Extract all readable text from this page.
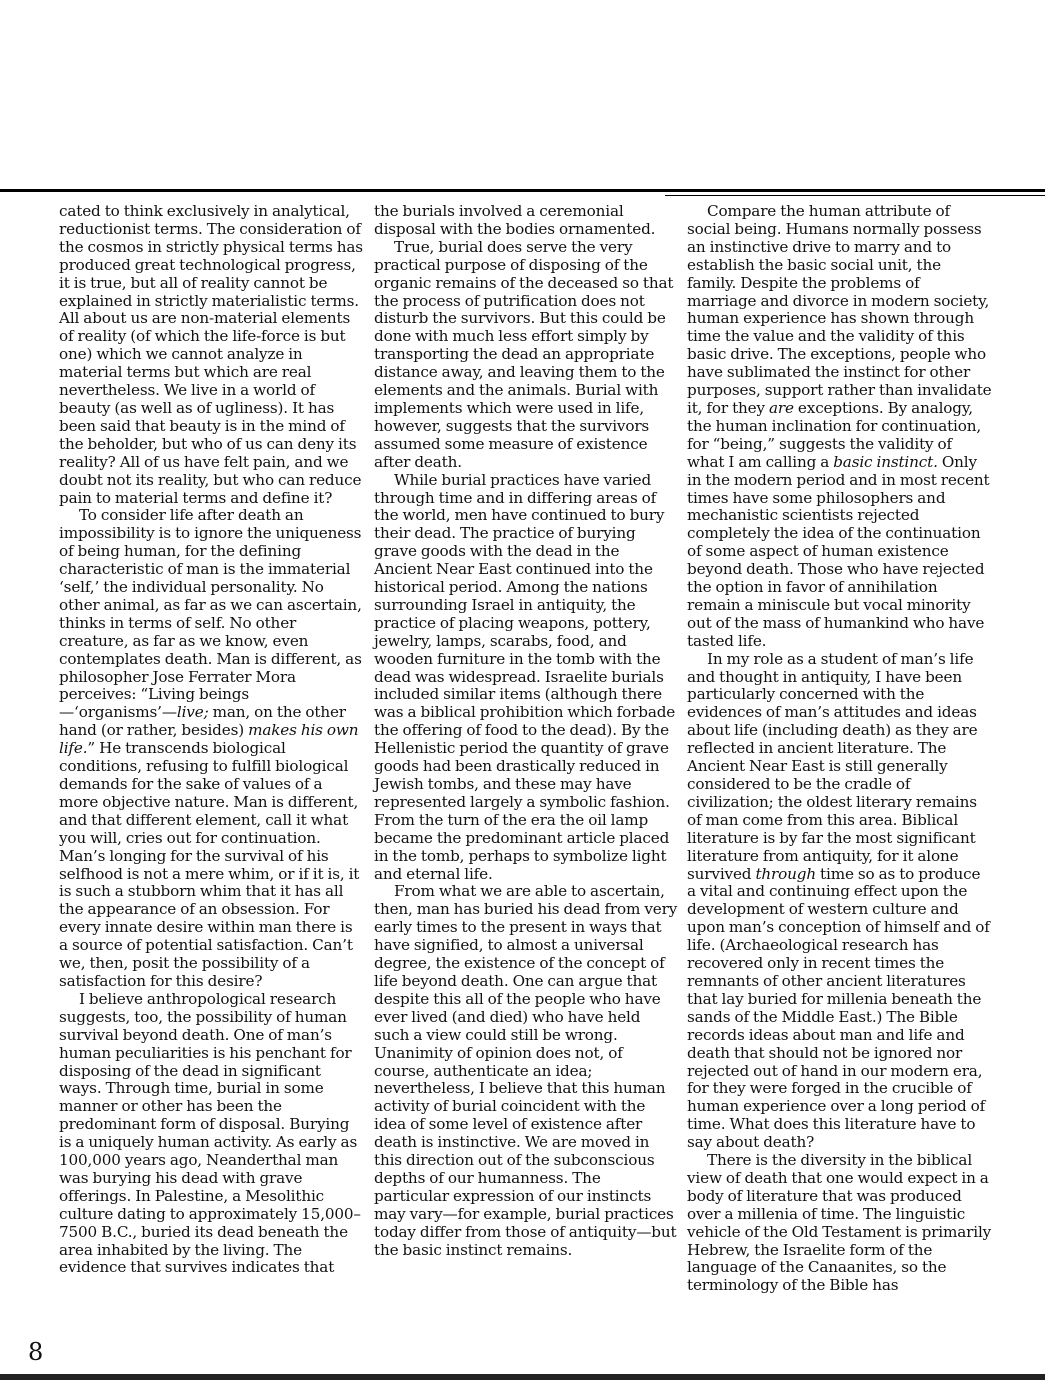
cated to think exclusively in analytical, reductionist terms. The consideration of the cosmos in strictly physical terms has produced great technological progress, it is true, but all of reality cannot be explained in strictly materialistic terms. All about us are non-material elements of reality (of which the life-force is but one) which we cannot analyze in material terms but which are real nevertheless. We live in a world of beauty (as well as of ugliness). It has been said that beauty is in the mind of the beholder, but who of us can deny its reality? All of us have felt pain, and we doubt not its reality, but who can reduce pain to material terms and define it?

To consider life after death an impossibility is to ignore the uniqueness of being human, for the defining characteristic of man is the immaterial ‘self,’ the individual personality. No other animal, as far as we can ascertain, thinks in terms of self. No other creature, as far as we know, even contemplates death. Man is different, as philosopher Jose Ferrater Mora perceives: “Living beings—‘organisms’—live; man, on the other hand (or rather, besides) makes his own life.” He transcends biological conditions, refusing to fulfill biological demands for the sake of values of a more objective nature. Man is different, and that different element, call it what you will, cries out for continuation. Man’s longing for the survival of his selfhood is not a mere whim, or if it is, it is such a stubborn whim that it has all the appearance of an obsession. For every innate desire within man there is a source of potential satisfaction. Can’t we, then, posit the possibility of a satisfaction for this desire?

I believe anthropological research suggests, too, the possibility of human survival beyond death. One of man’s human peculiarities is his penchant for disposing of the dead in significant ways. Through time, burial in some manner or other has been the predominant form of disposal. Burying is a uniquely human activity. As early as 100,000 years ago, Neanderthal man was burying his dead with grave offerings. In Palestine, a Mesolithic culture dating to approximately 15,000–7500 B.C., buried its dead beneath the area inhabited by the living. The evidence that survives indicates that

the burials involved a ceremonial disposal with the bodies ornamented.

True, burial does serve the very practical purpose of disposing of the organic remains of the deceased so that the process of putrification does not disturb the survivors. But this could be done with much less effort simply by transporting the dead an appropriate distance away, and leaving them to the elements and the animals. Burial with implements which were used in life, however, suggests that the survivors assumed some measure of existence after death.

While burial practices have varied through time and in differing areas of the world, men have continued to bury their dead. The practice of burying grave goods with the dead in the Ancient Near East continued into the historical period. Among the nations surrounding Israel in antiquity, the practice of placing weapons, pottery, jewelry, lamps, scarabs, food, and wooden furniture in the tomb with the dead was widespread. Israelite burials included similar items (although there was a biblical prohibition which forbade the offering of food to the dead). By the Hellenistic period the quantity of grave goods had been drastically reduced in Jewish tombs, and these may have represented largely a symbolic fashion. From the turn of the era the oil lamp became the predominant article placed in the tomb, perhaps to symbolize light and eternal life.

From what we are able to ascertain, then, man has buried his dead from very early times to the present in ways that have signified, to almost a universal degree, the existence of the concept of life beyond death. One can argue that despite this all of the people who have ever lived (and died) who have held such a view could still be wrong. Unanimity of opinion does not, of course, authenticate an idea; nevertheless, I believe that this human activity of burial coincident with the idea of some level of existence after death is instinctive. We are moved in this direction out of the subconscious depths of our humanness. The particular expression of our instincts may vary—for example, burial practices today differ from those of antiquity—but the basic instinct remains.

Compare the human attribute of social being. Humans normally possess an instinctive drive to marry and to establish the basic social unit, the family. Despite the problems of marriage and divorce in modern society, human experience has shown through time the value and the validity of this basic drive. The exceptions, people who have sublimated the instinct for other purposes, support rather than invalidate it, for they are exceptions. By analogy, the human inclination for continuation, for “being,” suggests the validity of what I am calling a basic instinct. Only in the modern period and in most recent times have some philosophers and mechanistic scientists rejected completely the idea of the continuation of some aspect of human existence beyond death. Those who have rejected the option in favor of annihilation remain a miniscule but vocal minority out of the mass of humankind who have tasted life.

In my role as a student of man’s life and thought in antiquity, I have been particularly concerned with the evidences of man’s attitudes and ideas about life (including death) as they are reflected in ancient literature. The Ancient Near East is still generally considered to be the cradle of civilization; the oldest literary remains of man come from this area. Biblical literature is by far the most significant literature from antiquity, for it alone survived through time so as to produce a vital and continuing effect upon the development of western culture and upon man’s conception of himself and of life. (Archaeological research has recovered only in recent times the remnants of other ancient literatures that lay buried for millenia beneath the sands of the Middle East.) The Bible records ideas about man and life and death that should not be ignored nor rejected out of hand in our modern era, for they were forged in the crucible of human experience over a long period of time. What does this literature have to say about death?

There is the diversity in the biblical view of death that one would expect in a body of literature that was produced over a millenia of time. The linguistic vehicle of the Old Testament is primarily Hebrew, the Israelite form of the language of the Canaanites, so the terminology of the Bible has

8
